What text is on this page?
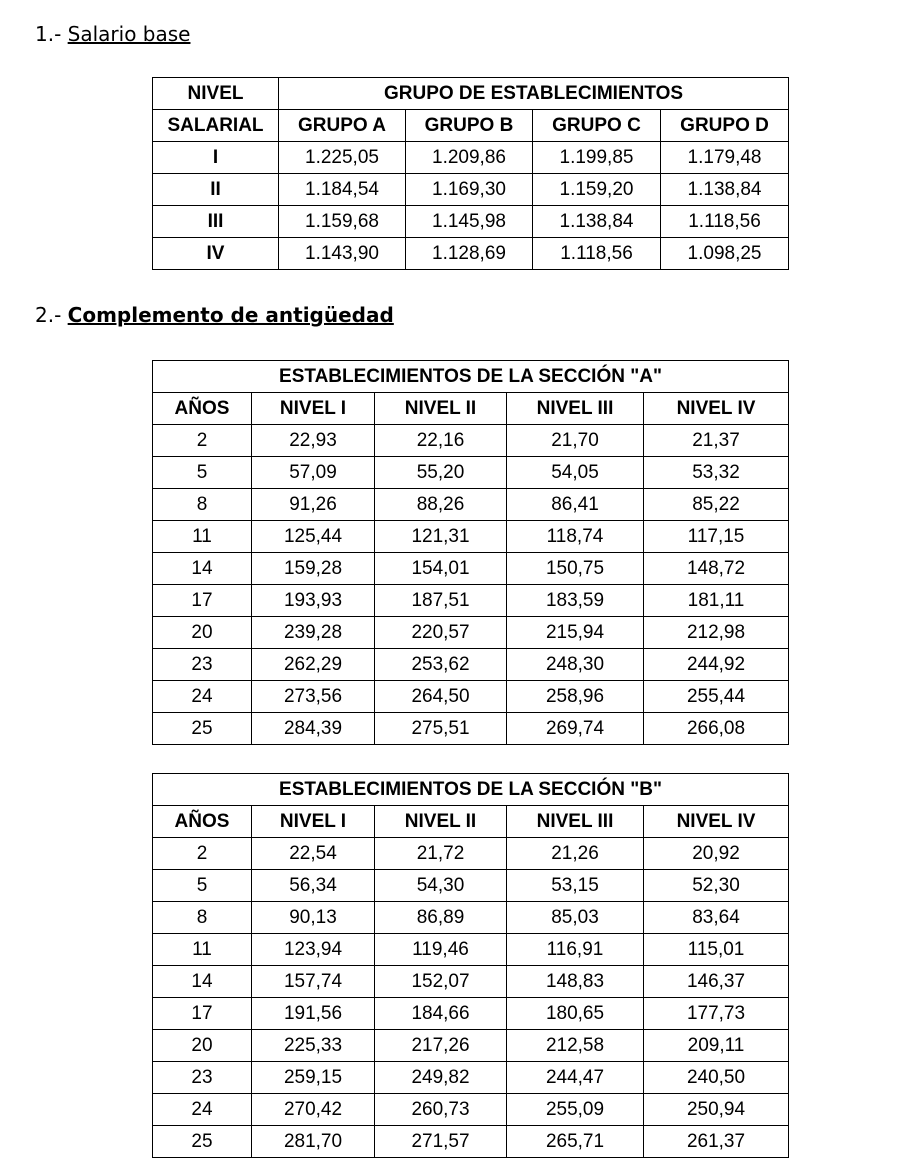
1.- Salario base
NIVEL	GRUPO DE ESTABLECIMIENTOS			
SALARIAL	GRUPO A	GRUPO B	GRUPO C	GRUPO D
I	1.225,05	1.209,86	1.199,85	1.179,48
II	1.184,54	1.169,30	1.159,20	1.138,84
III	1.159,68	1.145,98	1.138,84	1.118,56
IV	1.143,90	1.128,69	1.118,56	1.098,25
2.- Complemento de antigüedad
ESTABLECIMIENTOS DE LA SECCIÓN "A"				
AÑOS	NIVEL I	NIVEL II	NIVEL III	NIVEL IV
2	22,93	22,16	21,70	21,37
5	57,09	55,20	54,05	53,32
8	91,26	88,26	86,41	85,22
11	125,44	121,31	118,74	117,15
14	159,28	154,01	150,75	148,72
17	193,93	187,51	183,59	181,11
20	239,28	220,57	215,94	212,98
23	262,29	253,62	248,30	244,92
24	273,56	264,50	258,96	255,44
25	284,39	275,51	269,74	266,08
ESTABLECIMIENTOS DE LA SECCIÓN "B"				
AÑOS	NIVEL I	NIVEL II	NIVEL III	NIVEL IV
2	22,54	21,72	21,26	20,92
5	56,34	54,30	53,15	52,30
8	90,13	86,89	85,03	83,64
11	123,94	119,46	116,91	115,01
14	157,74	152,07	148,83	146,37
17	191,56	184,66	180,65	177,73
20	225,33	217,26	212,58	209,11
23	259,15	249,82	244,47	240,50
24	270,42	260,73	255,09	250,94
25	281,70	271,57	265,71	261,37
